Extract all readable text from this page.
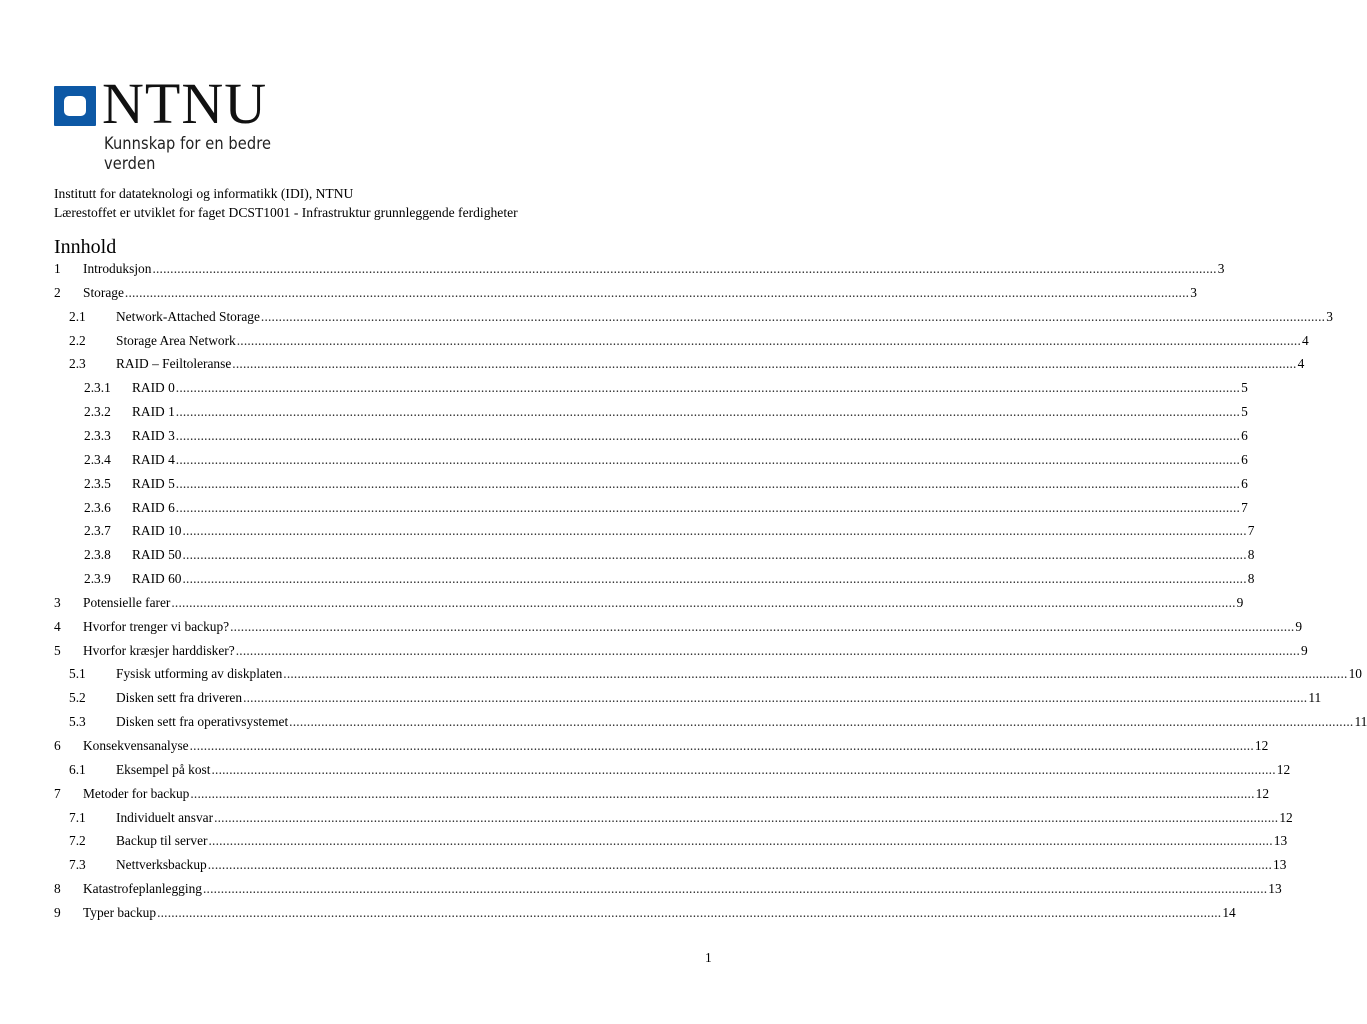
NTNU
Kunnskap for en bedre verden
Institutt for datateknologi og informatikk (IDI), NTNU
Lærestoffet er utviklet for faget DCST1001 - Infrastruktur grunnleggende ferdigheter
Innhold
1 Introduksjon ............................................................................................................................................................................................................................................................................................................ 3
2 Storage ............................................................................................................................................................................................................................................................................................................ 3
2.1 Network-Attached Storage ............................................................................................................................................................................................................................................................................................................ 3
2.2 Storage Area Network ............................................................................................................................................................................................................................................................................................................ 4
2.3 RAID – Feiltoleranse ............................................................................................................................................................................................................................................................................................................ 4
2.3.1 RAID 0 ............................................................................................................................................................................................................................................................................................................ 5
2.3.2 RAID 1 ............................................................................................................................................................................................................................................................................................................ 5
2.3.3 RAID 3 ............................................................................................................................................................................................................................................................................................................ 6
2.3.4 RAID 4 ............................................................................................................................................................................................................................................................................................................ 6
2.3.5 RAID 5 ............................................................................................................................................................................................................................................................................................................ 6
2.3.6 RAID 6 ............................................................................................................................................................................................................................................................................................................ 7
2.3.7 RAID 10 ............................................................................................................................................................................................................................................................................................................ 7
2.3.8 RAID 50 ............................................................................................................................................................................................................................................................................................................ 8
2.3.9 RAID 60 ............................................................................................................................................................................................................................................................................................................ 8
3 Potensielle farer ............................................................................................................................................................................................................................................................................................................ 9
4 Hvorfor trenger vi backup? ............................................................................................................................................................................................................................................................................................................ 9
5 Hvorfor kræsjer harddisker? ............................................................................................................................................................................................................................................................................................................ 9
5.1 Fysisk utforming av diskplaten ............................................................................................................................................................................................................................................................................................................ 10
5.2 Disken sett fra driveren ............................................................................................................................................................................................................................................................................................................ 11
5.3 Disken sett fra operativsystemet ............................................................................................................................................................................................................................................................................................................ 11
6 Konsekvensanalyse ............................................................................................................................................................................................................................................................................................................ 12
6.1 Eksempel på kost ............................................................................................................................................................................................................................................................................................................ 12
7 Metoder for backup ............................................................................................................................................................................................................................................................................................................ 12
7.1 Individuelt ansvar ............................................................................................................................................................................................................................................................................................................ 12
7.2 Backup til server ............................................................................................................................................................................................................................................................................................................ 13
7.3 Nettverksbackup ............................................................................................................................................................................................................................................................................................................ 13
8 Katastrofeplanlegging ............................................................................................................................................................................................................................................................................................................ 13
9 Typer backup ............................................................................................................................................................................................................................................................................................................ 14
1
